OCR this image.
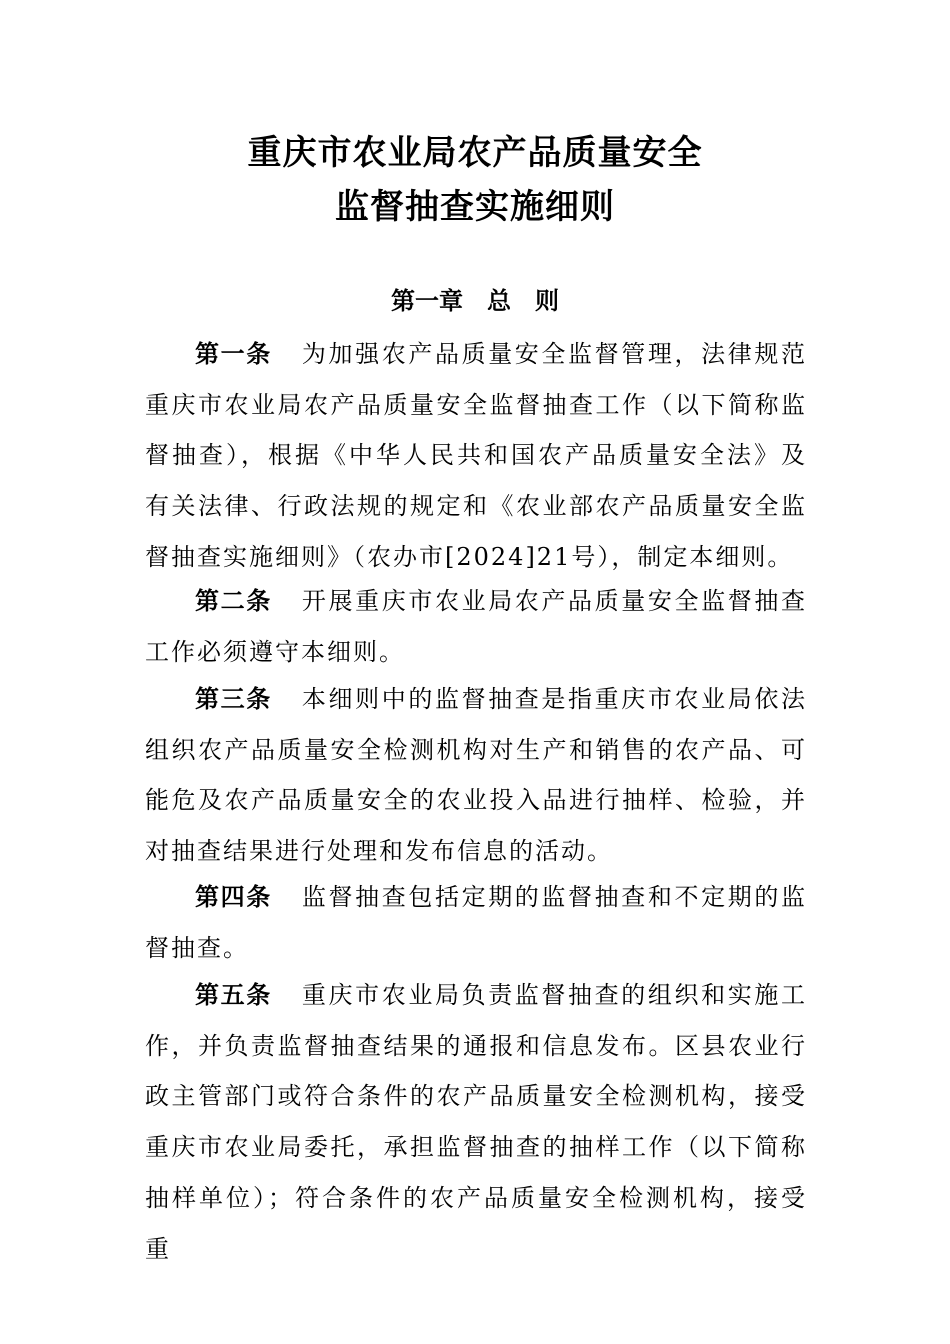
重庆市农业局农产品质量安全
监督抽查实施细则
第一章　总　则
第一条 为加强农产品质量安全监督管理，法律规范重庆市农业局农产品质量安全监督抽查工作（以下简称监督抽查），根据《中华人民共和国农产品质量安全法》及有关法律、行政法规的规定和《农业部农产品质量安全监督抽查实施细则》（农办市[2024]21号），制定本细则。
第二条 开展重庆市农业局农产品质量安全监督抽查工作必须遵守本细则。
第三条 本细则中的监督抽查是指重庆市农业局依法组织农产品质量安全检测机构对生产和销售的农产品、可能危及农产品质量安全的农业投入品进行抽样、检验，并对抽查结果进行处理和发布信息的活动。
第四条 监督抽查包括定期的监督抽查和不定期的监督抽查。
第五条 重庆市农业局负责监督抽查的组织和实施工作，并负责监督抽查结果的通报和信息发布。区县农业行政主管部门或符合条件的农产品质量安全检测机构，接受重庆市农业局委托，承担监督抽查的抽样工作（以下简称抽样单位）；符合条件的农产品质量安全检测机构，接受重
